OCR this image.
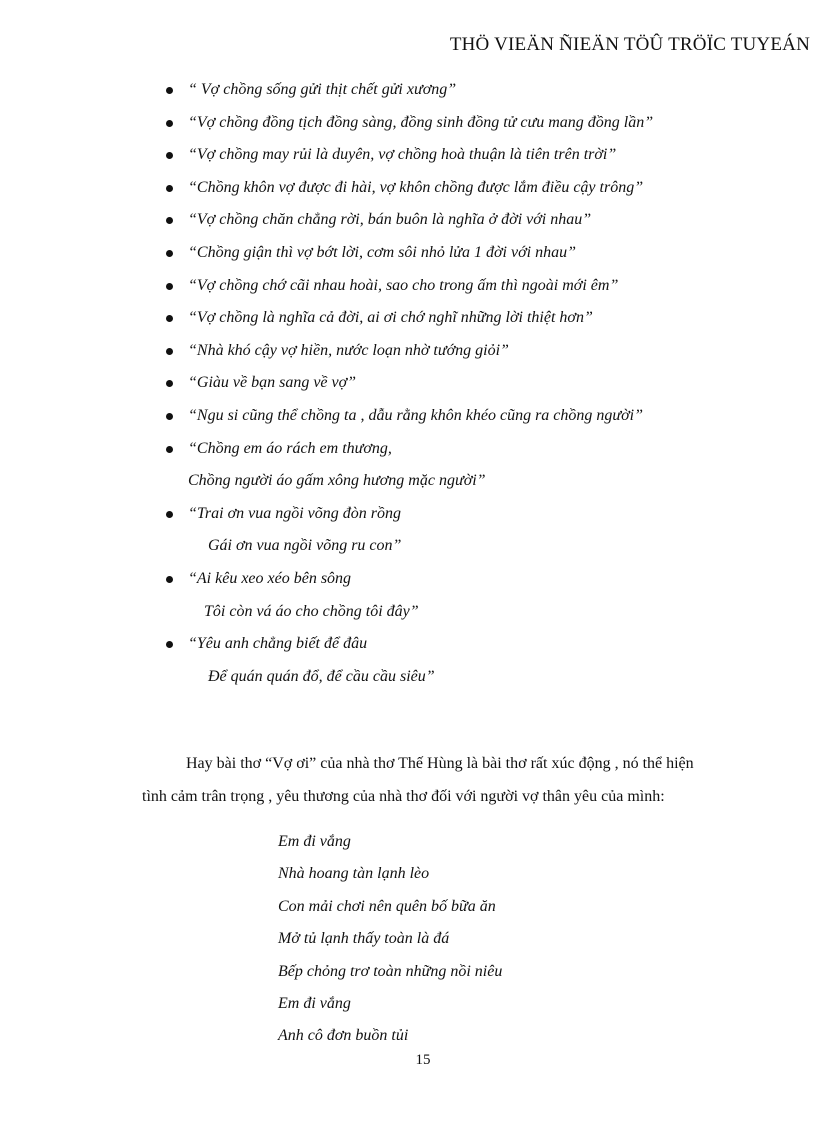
THÖ VIEÄN ÑIEÄN TÖÛ TRÖÏC TUYEÁN
“ Vợ chồng sống gửi thịt chết gửi xương”
“Vợ chồng đồng tịch đồng sàng, đồng sinh đồng tử cưu mang đồng lần”
“Vợ chồng may rủi là duyên, vợ chồng hoà thuận là tiên trên trời”
“Chồng khôn vợ được đi hài, vợ khôn chồng được lắm điều cậy trông”
“Vợ chồng chăn chẳng rời, bán buôn là nghĩa ở đời với nhau”
“Chồng giận thì vợ bớt lời, cơm sôi nhỏ lửa 1 đời với nhau”
“Vợ chồng chớ cãi nhau hoài, sao cho trong ấm thì ngoài mới êm”
“Vợ chồng là nghĩa cả đời, ai ơi chớ nghĩ những lời thiệt hơn”
“Nhà khó cậy vợ hiền, nước loạn nhờ tướng giỏi”
“Giàu về bạn sang về vợ”
“Ngu si cũng thể chồng ta , dẫu rằng khôn khéo cũng ra chồng người”
“Chồng em áo rách em thương,
Chồng người áo gấm xông hương mặc người”
“Trai ơn vua ngồi võng đòn rồng
Gái ơn vua ngồi võng ru con”
“Ai kêu xeo xéo bên sông
Tôi còn vá áo cho chồng tôi đây”
“Yêu anh chẳng biết để đâu
Để quán quán đổ, để cầu cầu siêu”

Hay bài thơ “Vợ ơi” của nhà thơ Thế Hùng là bài thơ rất xúc động , nó thể hiện tình cảm trân trọng , yêu thương của nhà thơ đối với người vợ thân yêu của mình:

Em đi vắng
Nhà hoang tàn lạnh lèo
Con mải chơi nên quên bố bữa ăn
Mở tủ lạnh thấy toàn là đá
Bếp chỏng trơ toàn những nồi niêu
Em đi vắng
Anh cô đơn buồn tủi
15
